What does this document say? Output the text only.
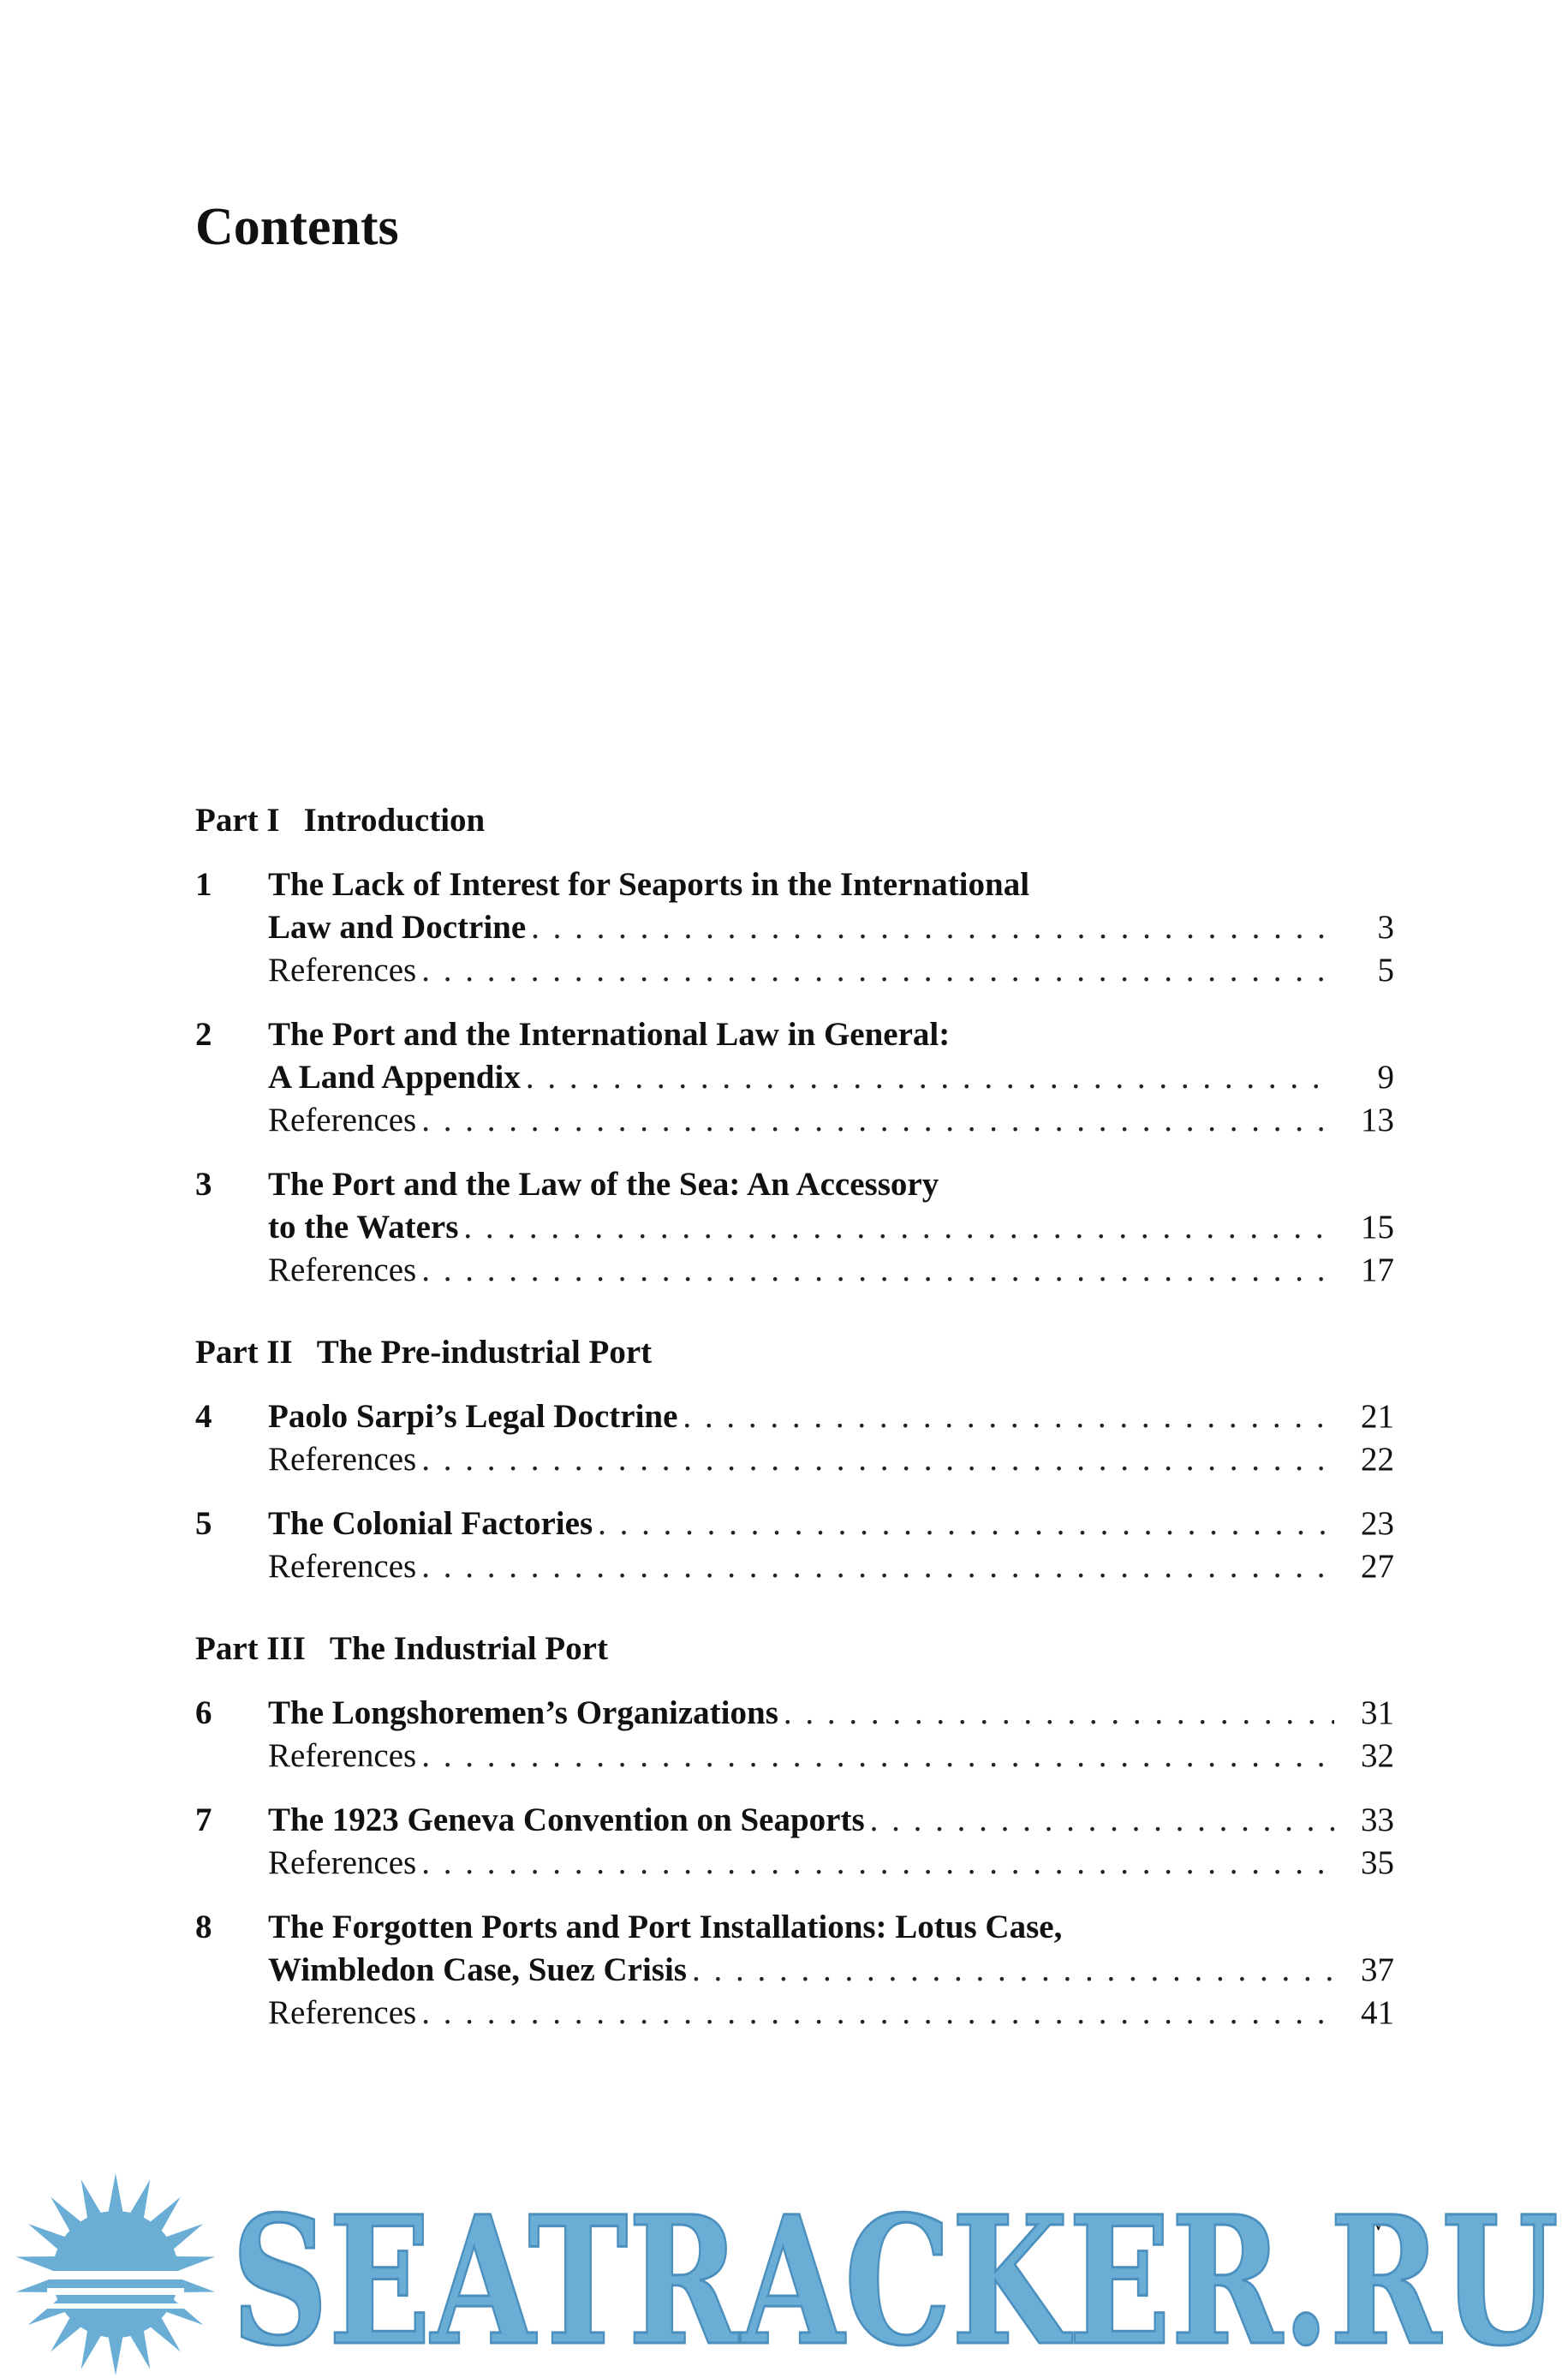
Contents
Part I Introduction
1	The Lack of Interest for Seaports in the International
Law and Doctrine . . .	3
References . . .	5
2	The Port and the International Law in General:
A Land Appendix . . .	9
References . . .	13
3	The Port and the Law of the Sea: An Accessory
to the Waters . . .	15
References . . .	17
Part II The Pre-industrial Port
4	Paolo Sarpi’s Legal Doctrine . . .	21
References . . .	22
5	The Colonial Factories . . .	23
References . . .	27
Part III The Industrial Port
6	The Longshoremen’s Organizations . . .	31
References . . .	32
7	The 1923 Geneva Convention on Seaports . . .	33
References . . .	35
8	The Forgotten Ports and Port Installations: Lotus Case,
Wimbledon Case, Suez Crisis . . .	37
References . . .	41
v
SEATRACKER.RU
